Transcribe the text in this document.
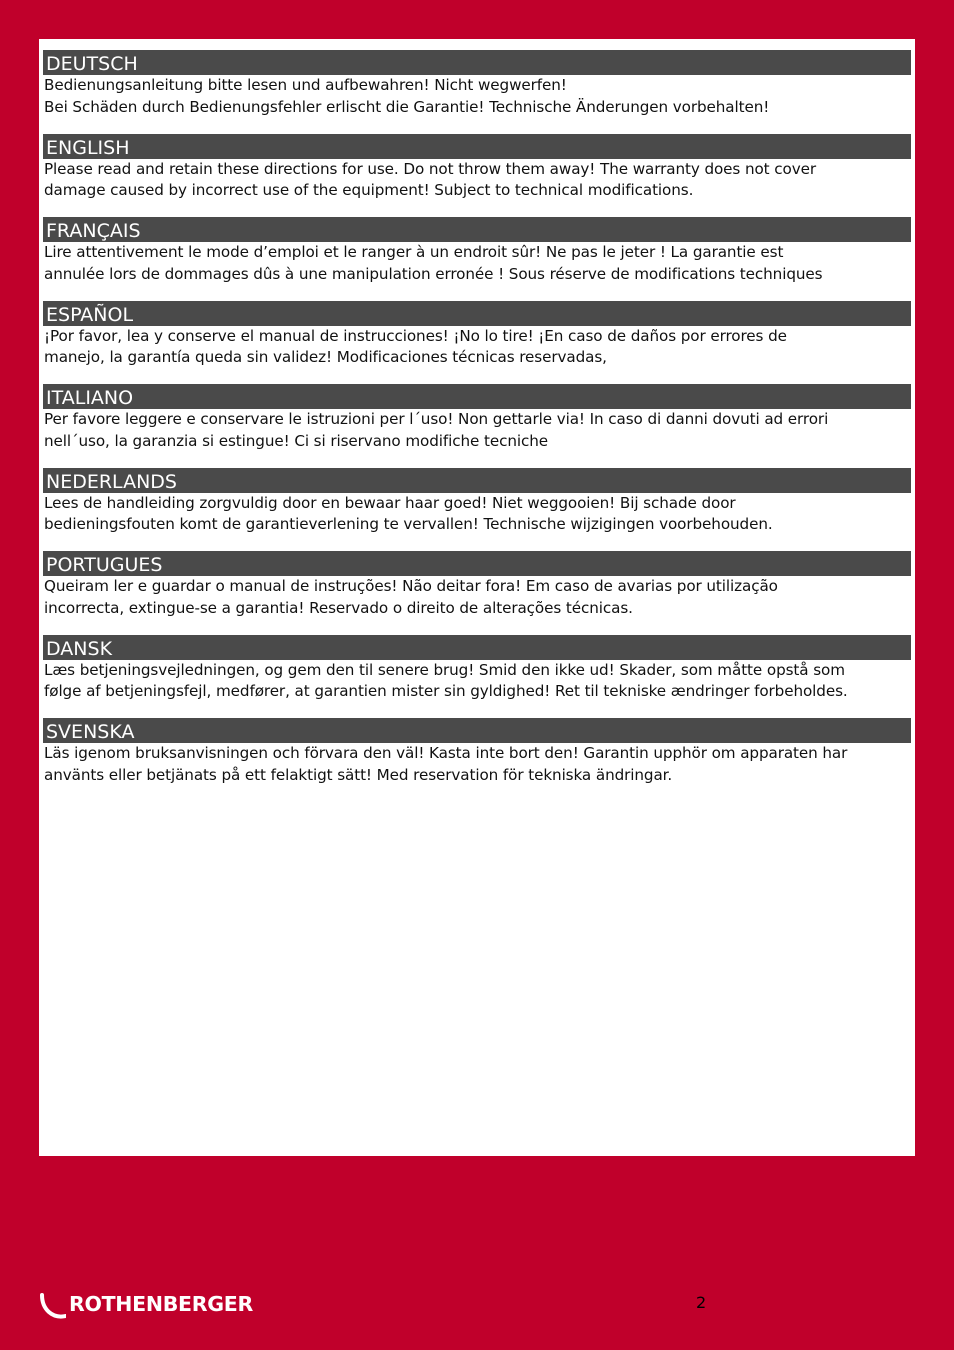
DEUTSCH
Bedienungsanleitung bitte lesen und aufbewahren! Nicht wegwerfen!
Bei Schäden durch Bedienungsfehler erlischt die Garantie! Technische Änderungen vorbehalten!
ENGLISH
Please read and retain these directions for use. Do not throw them away! The warranty does not cover
damage caused by incorrect use of the equipment! Subject to technical modifications.
FRANÇAIS
Lire attentivement le mode d’emploi et le ranger à un endroit sûr! Ne pas le jeter ! La garantie est
annulée lors de dommages dûs à une manipulation erronée ! Sous réserve de modifications techniques
ESPAÑOL
¡Por favor, lea y conserve el manual de instrucciones! ¡No lo tire! ¡En caso de daños por errores de
manejo, la garantía queda sin validez! Modificaciones técnicas reservadas,
ITALIANO
Per favore leggere e conservare le istruzioni per l´uso! Non gettarle via! In caso di danni dovuti ad errori
nell´uso, la garanzia si estingue! Ci si riservano modifiche tecniche
NEDERLANDS
Lees de handleiding zorgvuldig door en bewaar haar goed! Niet weggooien! Bij schade door
bedieningsfouten komt de garantieverlening te vervallen! Technische wijzigingen voorbehouden.
PORTUGUES
Queiram ler e guardar o manual de instruções! Não deitar fora! Em caso de avarias por utilização
incorrecta, extingue-se a garantia! Reservado o direito de alterações técnicas.
DANSK
Læs betjeningsvejledningen, og gem den til senere brug! Smid den ikke ud! Skader, som måtte opstå som
følge af betjeningsfejl, medfører, at garantien mister sin gyldighed! Ret til tekniske ændringer forbeholdes.
SVENSKA
Läs igenom bruksanvisningen och förvara den väl! Kasta inte bort den! Garantin upphör om apparaten har
använts eller betjänats på ett felaktigt sätt! Med reservation för tekniska ändringar.
ROTHENBERGER	2
